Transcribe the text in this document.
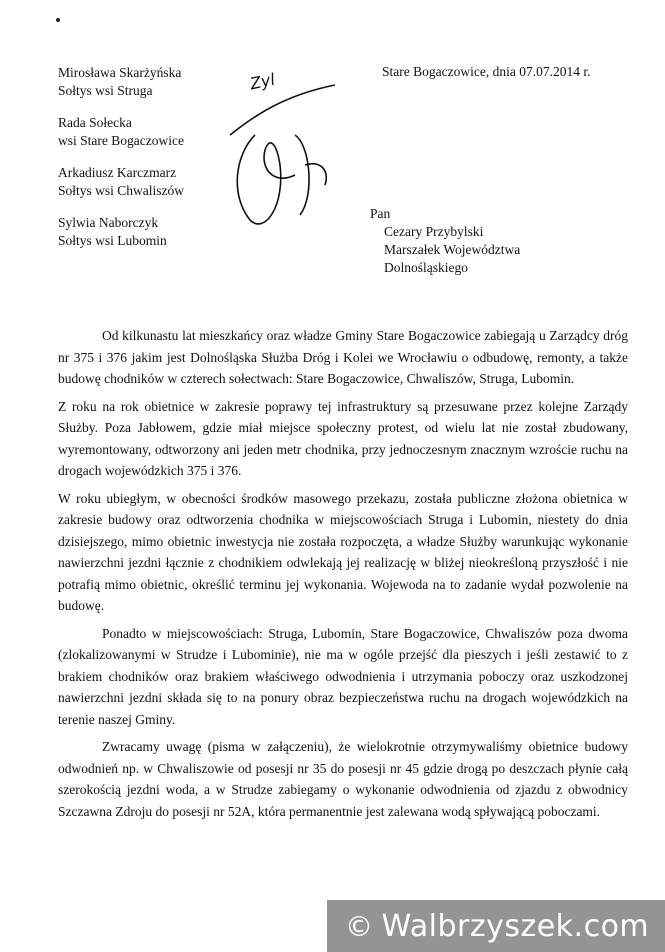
Mirosława Skarżyńska
Sołtys wsi Struga
Rada Sołecka
wsi Stare Bogaczowice
Arkadiusz Karczmarz
Sołtys wsi Chwaliszów
Sylwia Naborczyk
Sołtys wsi Lubomin
Stare Bogaczowice, dnia 07.07.2014 r.
Zyl
Pan
Cezary Przybylski
Marszałek Województwa
Dolnośląskiego

Od kilkunastu lat mieszkańcy oraz władze Gminy Stare Bogaczowice zabiegają u Zarządcy dróg nr 375 i 376 jakim jest Dolnośląska Służba Dróg i Kolei we Wrocławiu o odbudowę, remonty, a także budowę chodników w czterech sołectwach: Stare Bogaczowice, Chwaliszów, Struga, Lubomin.

Z roku na rok obietnice w zakresie poprawy tej infrastruktury są przesuwane przez kolejne Zarządy Służby. Poza Jabłowem, gdzie miał miejsce społeczny protest, od wielu lat nie został zbudowany, wyremontowany, odtworzony ani jeden metr chodnika, przy jednoczesnym znacznym wzroście ruchu na drogach wojewódzkich 375 i 376.

W roku ubiegłym, w obecności środków masowego przekazu, została publiczne złożona obietnica w zakresie budowy oraz odtworzenia chodnika w miejscowościach Struga i Lubomin, niestety do dnia dzisiejszego, mimo obietnic inwestycja nie została rozpoczęta, a władze Służby warunkując wykonanie nawierzchni jezdni łącznie z chodnikiem odwlekają jej realizację w bliżej nieokreśloną przyszłość i nie potrafią mimo obietnic, określić terminu jej wykonania. Wojewoda na to zadanie wydał pozwolenie na budowę.

Ponadto w miejscowościach: Struga, Lubomin, Stare Bogaczowice, Chwaliszów poza dwoma (zlokalizowanymi w Strudze i Lubominie), nie ma w ogóle przejść dla pieszych i jeśli zestawić to z brakiem chodników oraz brakiem właściwego odwodnienia i utrzymania poboczy oraz uszkodzonej nawierzchni jezdni składa się to na ponury obraz bezpieczeństwa ruchu na drogach wojewódzkich na terenie naszej Gminy.

Zwracamy uwagę (pisma w załączeniu), że wielokrotnie otrzymywaliśmy obietnice budowy odwodnień np. w Chwaliszowie od posesji nr 35 do posesji nr 45 gdzie drogą po deszczach płynie całą szerokością jezdni woda, a w Strudze zabiegamy o wykonanie odwodnienia od zjazdu z obwodnicy Szczawna Zdroju do posesji nr 52A, która permanentnie jest zalewana wodą spływającą poboczami.

© Walbrzyszek.com
